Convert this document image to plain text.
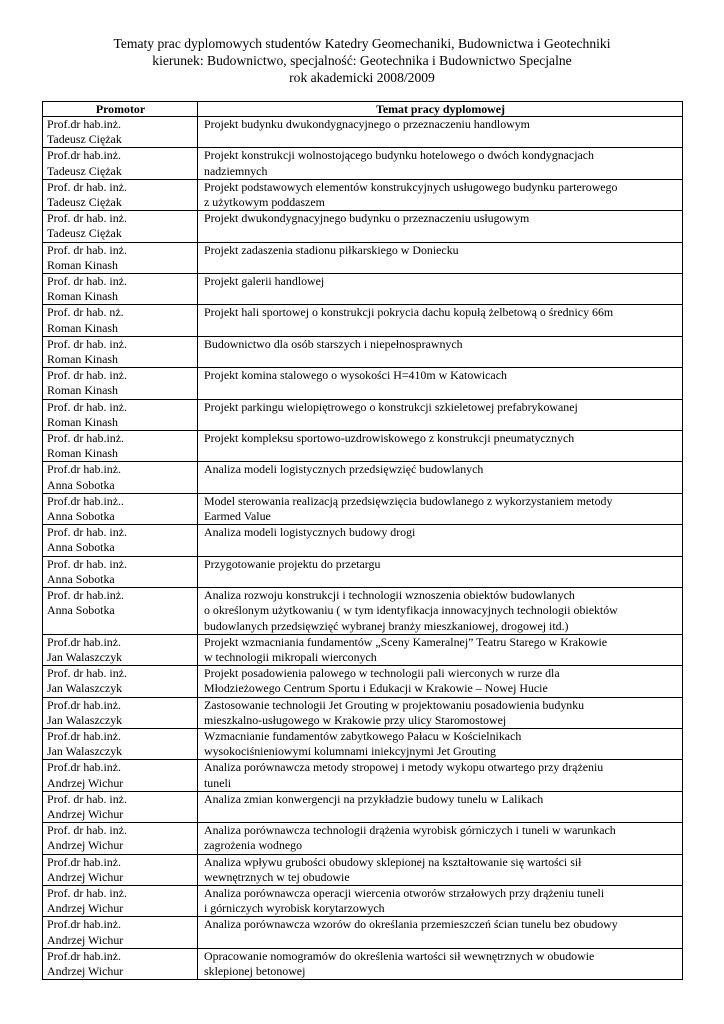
Tematy prac dyplomowych studentów Katedry Geomechaniki, Budownictwa i Geotechniki
kierunek: Budownictwo, specjalność: Geotechnika i Budownictwo Specjalne
rok akademicki 2008/2009
Promotor	Temat pracy dyplomowej

Prof.dr hab.inż.
Tadeusz Ciężak	Projekt budynku dwukondygnacyjnego o przeznaczeniu handlowym

Prof.dr hab.inż.
Tadeusz Ciężak	Projekt konstrukcji wolnostojącego budynku hotelowego o dwóch kondygnacjach
nadziemnych

Prof. dr hab. inż.
Tadeusz Ciężak	Projekt podstawowych elementów konstrukcyjnych usługowego budynku parterowego
z użytkowym poddaszem

Prof. dr hab. inż.
Tadeusz Ciężak	Projekt dwukondygnacyjnego budynku o przeznaczeniu usługowym

Prof. dr hab. inż.
Roman Kinash	Projekt zadaszenia stadionu piłkarskiego w Doniecku

Prof. dr hab. inż.
Roman Kinash	Projekt galerii handlowej

Prof. dr hab. nż.
Roman Kinash	Projekt hali sportowej o konstrukcji pokrycia dachu kopułą żelbetową o średnicy 66m

Prof. dr hab. inż.
Roman Kinash	Budownictwo dla osób starszych i niepełnosprawnych

Prof. dr hab. inż.
Roman Kinash	Projekt komina stalowego o wysokości H=410m w Katowicach

Prof. dr hab. inż.
Roman Kinash	Projekt parkingu wielopiętrowego o konstrukcji szkieletowej prefabrykowanej

Prof. dr hab.inż.
Roman Kinash	Projekt kompleksu sportowo-uzdrowiskowego z konstrukcji pneumatycznych

Prof.dr hab.inż.
Anna Sobotka	Analiza modeli logistycznych przedsięwzięć budowlanych

Prof.dr hab.inż..
Anna Sobotka	Model sterowania realizacją przedsięwzięcia budowlanego z wykorzystaniem metody
Earmed Value

Prof. dr hab. inż.
Anna Sobotka	Analiza modeli logistycznych budowy drogi

Prof. dr hab. inż.
Anna Sobotka	Przygotowanie projektu do przetargu

Prof. dr hab.inż.
Anna Sobotka	Analiza rozwoju konstrukcji i technologii wznoszenia obiektów budowlanych
o określonym użytkowaniu ( w tym identyfikacja innowacyjnych technologii obiektów
budowlanych przedsięwzięć wybranej branży mieszkaniowej, drogowej itd.)

Prof.dr hab.inż.
Jan Walaszczyk	Projekt wzmacniania fundamentów „Sceny Kameralnej” Teatru Starego w Krakowie
w technologii mikropali wierconych

Prof. dr hab. inż.
Jan Walaszczyk	Projekt posadowienia palowego w technologii pali wierconych w rurze dla
Młodzieżowego Centrum Sportu i Edukacji w Krakowie – Nowej Hucie

Prof.dr hab.inż.
Jan Walaszczyk	Zastosowanie technologii Jet Grouting w projektowaniu posadowienia budynku
mieszkalno-usługowego w Krakowie przy ulicy Staromostowej

Prof.dr hab.inż.
Jan Walaszczyk	Wzmacnianie fundamentów zabytkowego Pałacu w Kościelnikach
wysokociśnieniowymi kolumnami iniekcyjnymi Jet Grouting

Prof.dr hab.inż.
Andrzej Wichur	Analiza porównawcza metody stropowej i metody wykopu otwartego przy drążeniu
tuneli

Prof. dr hab. inż.
Andrzej Wichur	Analiza zmian konwergencji na przykładzie budowy tunelu w Lalikach

Prof. dr hab. inż.
Andrzej Wichur	Analiza porównawcza technologii drążenia wyrobisk górniczych i tuneli w warunkach
zagrożenia wodnego

Prof.dr hab.inż.
Andrzej Wichur	Analiza wpływu grubości obudowy sklepionej na kształtowanie się wartości sił
wewnętrznych w tej obudowie

Prof. dr hab. inż.
Andrzej Wichur	Analiza porównawcza operacji wiercenia otworów strzałowych przy drążeniu tuneli
i górniczych wyrobisk korytarzowych

Prof.dr hab.inż.
Andrzej Wichur	Analiza porównawcza wzorów do określania przemieszczeń ścian tunelu bez obudowy

Prof.dr hab.inż.
Andrzej Wichur	Opracowanie nomogramów do określenia wartości sił wewnętrznych w obudowie
sklepionej betonowej
